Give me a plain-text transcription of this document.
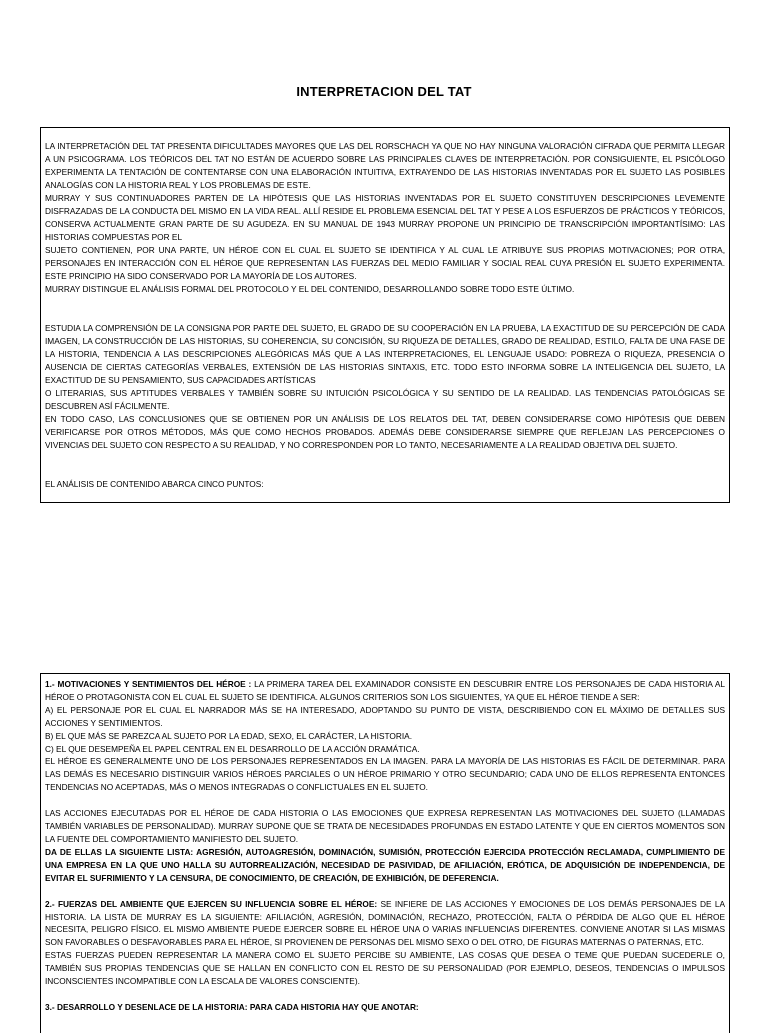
INTERPRETACION DEL TAT

LA INTERPRETACIÓN DEL TAT PRESENTA DIFICULTADES MAYORES QUE LAS DEL RORSCHACH YA QUE NO HAY NINGUNA VALORACIÓN CIFRADA QUE PERMITA LLEGAR A UN PSICOGRAMA. LOS TEÓRICOS DEL TAT NO ESTÁN DE ACUERDO SOBRE LAS PRINCIPALES CLAVES DE INTERPRETACIÓN. POR CONSIGUIENTE, EL PSICÓLOGO EXPERIMENTA LA TENTACIÓN DE CONTENTARSE CON UNA ELABORACIÓN INTUITIVA, EXTRAYENDO DE LAS HISTORIAS INVENTADAS POR EL SUJETO LAS POSIBLES ANALOGÍAS CON LA HISTORIA REAL Y LOS PROBLEMAS DE ESTE.

MURRAY Y SUS CONTINUADORES PARTEN DE LA HIPÓTESIS QUE LAS HISTORIAS INVENTADAS POR EL SUJETO CONSTITUYEN DESCRIPCIONES LEVEMENTE DISFRAZADAS DE LA CONDUCTA DEL MISMO EN LA VIDA REAL. ALLÍ RESIDE EL PROBLEMA ESENCIAL DEL TAT Y PESE A LOS ESFUERZOS DE PRÁCTICOS Y TEÓRICOS, CONSERVA ACTUALMENTE GRAN PARTE DE SU AGUDEZA. EN SU MANUAL DE 1943 MURRAY PROPONE UN PRINCIPIO DE TRANSCRIPCIÓN IMPORTANTÍSIMO: LAS HISTORIAS COMPUESTAS POR EL

SUJETO CONTIENEN, POR UNA PARTE, UN HÉROE CON EL CUAL EL SUJETO SE IDENTIFICA Y AL CUAL LE ATRIBUYE SUS PROPIAS MOTIVACIONES; POR OTRA, PERSONAJES EN INTERACCIÓN CON EL HÉROE QUE REPRESENTAN LAS FUERZAS DEL MEDIO FAMILIAR Y SOCIAL REAL CUYA PRESIÓN EL SUJETO EXPERIMENTA. ESTE PRINCIPIO HA SIDO CONSERVADO POR LA MAYORÍA DE LOS AUTORES.

MURRAY DISTINGUE EL ANÁLISIS FORMAL DEL PROTOCOLO Y EL DEL CONTENIDO, DESARROLLANDO SOBRE TODO ESTE ÚLTIMO.

ESTUDIA LA COMPRENSIÓN DE LA CONSIGNA POR PARTE DEL SUJETO, EL GRADO DE SU COOPERACIÓN EN LA PRUEBA, LA EXACTITUD DE SU PERCEPCIÓN DE CADA IMAGEN, LA CONSTRUCCIÓN DE LAS HISTORIAS, SU COHERENCIA, SU CONCISIÓN, SU RIQUEZA DE DETALLES, GRADO DE REALIDAD, ESTILO, FALTA DE UNA FASE DE LA HISTORIA, TENDENCIA A LAS DESCRIPCIONES ALEGÓRICAS MÁS QUE A LAS INTERPRETACIONES, EL LENGUAJE USADO: POBREZA O RIQUEZA, PRESENCIA O AUSENCIA DE CIERTAS CATEGORÍAS VERBALES, EXTENSIÓN DE LAS HISTORIAS SINTAXIS, ETC. TODO ESTO INFORMA SOBRE LA INTELIGENCIA DEL SUJETO, LA EXACTITUD DE SU PENSAMIENTO, SUS CAPACIDADES ARTÍSTICAS

O LITERARIAS, SUS APTITUDES VERBALES Y TAMBIÉN SOBRE SU INTUICIÓN PSICOLÓGICA Y SU SENTIDO DE LA REALIDAD. LAS TENDENCIAS PATOLÓGICAS SE DESCUBREN ASÍ FÁCILMENTE.

EN TODO CASO, LAS CONCLUSIONES QUE SE OBTIENEN POR UN ANÁLISIS DE LOS RELATOS DEL TAT, DEBEN CONSIDERARSE COMO HIPÓTESIS QUE DEBEN VERIFICARSE POR OTROS MÉTODOS, MÁS QUE COMO HECHOS PROBADOS. ADEMÁS DEBE CONSIDERARSE SIEMPRE QUE REFLEJAN LAS PERCEPCIONES O VIVENCIAS DEL SUJETO CON RESPECTO A SU REALIDAD, Y NO CORRESPONDEN POR LO TANTO, NECESARIAMENTE A LA REALIDAD OBJETIVA DEL SUJETO.

EL ANÁLISIS DE CONTENIDO ABARCA CINCO PUNTOS:

1.- MOTIVACIONES Y SENTIMIENTOS DEL HÉROE : LA PRIMERA TAREA DEL EXAMINADOR CONSISTE EN DESCUBRIR ENTRE LOS PERSONAJES DE CADA HISTORIA AL HÉROE O PROTAGONISTA CON EL CUAL EL SUJETO SE IDENTIFICA. ALGUNOS CRITERIOS SON LOS SIGUIENTES, YA QUE EL HÉROE TIENDE A SER:

A) EL PERSONAJE POR EL CUAL EL NARRADOR MÁS SE HA INTERESADO, ADOPTANDO SU PUNTO DE VISTA, DESCRIBIENDO CON EL MÁXIMO DE DETALLES SUS ACCIONES Y SENTIMIENTOS.

B) EL QUE MÁS SE PAREZCA AL SUJETO POR LA EDAD, SEXO, EL CARÁCTER, LA HISTORIA.

C) EL QUE DESEMPEÑA EL PAPEL CENTRAL EN EL DESARROLLO DE LA ACCIÓN DRAMÁTICA.

EL HÉROE ES GENERALMENTE UNO DE LOS PERSONAJES REPRESENTADOS EN LA IMAGEN. PARA LA MAYORÍA DE LAS HISTORIAS ES FÁCIL DE DETERMINAR. PARA LAS DEMÁS ES NECESARIO DISTINGUIR VARIOS HÉROES PARCIALES O UN HÉROE PRIMARIO Y OTRO SECUNDARIO; CADA UNO DE ELLOS REPRESENTA ENTONCES TENDENCIAS NO ACEPTADAS, MÁS O MENOS INTEGRADAS O CONFLICTUALES EN EL SUJETO.

LAS ACCIONES EJECUTADAS POR EL HÉROE DE CADA HISTORIA O LAS EMOCIONES QUE EXPRESA REPRESENTAN LAS MOTIVACIONES DEL SUJETO (LLAMADAS TAMBIÉN VARIABLES DE PERSONALIDAD). MURRAY SUPONE QUE SE TRATA DE NECESIDADES PROFUNDAS EN ESTADO LATENTE Y QUE EN CIERTOS MOMENTOS SON LA FUENTE DEL COMPORTAMIENTO MANIFIESTO DEL SUJETO.

DA DE ELLAS LA SIGUIENTE LISTA: AGRESIÓN, AUTOAGRESIÓN, DOMINACIÓN, SUMISIÓN, PROTECCIÓN EJERCIDA PROTECCIÓN RECLAMADA, CUMPLIMIENTO DE UNA EMPRESA EN LA QUE UNO HALLA SU AUTORREALIZACIÓN, NECESIDAD DE PASIVIDAD, DE AFILIACIÓN, ERÓTICA, DE ADQUISICIÓN DE INDEPENDENCIA, DE EVITAR EL SUFRIMIENTO Y LA CENSURA, DE CONOCIMIENTO, DE CREACIÓN, DE EXHIBICIÓN, DE DEFERENCIA.

2.- FUERZAS DEL AMBIENTE QUE EJERCEN SU INFLUENCIA SOBRE EL HÉROE: SE INFIERE DE LAS ACCIONES Y EMOCIONES DE LOS DEMÁS PERSONAJES DE LA HISTORIA. LA LISTA DE MURRAY ES LA SIGUIENTE: AFILIACIÓN, AGRESIÓN, DOMINACIÓN, RECHAZO, PROTECCIÓN, FALTA O PÉRDIDA DE ALGO QUE EL HÉROE NECESITA, PELIGRO FÍSICO. EL MISMO AMBIENTE PUEDE EJERCER SOBRE EL HÉROE UNA O VARIAS INFLUENCIAS DIFERENTES. CONVIENE ANOTAR SI LAS MISMAS SON FAVORABLES O DESFAVORABLES PARA EL HÉROE, SI PROVIENEN DE PERSONAS DEL MISMO SEXO O DEL OTRO, DE FIGURAS MATERNAS O PATERNAS, ETC.

ESTAS FUERZAS PUEDEN REPRESENTAR LA MANERA COMO EL SUJETO PERCIBE SU AMBIENTE, LAS COSAS QUE DESEA O TEME QUE PUEDAN SUCEDERLE O, TAMBIÉN SUS PROPIAS TENDENCIAS QUE SE HALLAN EN CONFLICTO CON EL RESTO DE SU PERSONALIDAD (POR EJEMPLO, DESEOS, TENDENCIAS O IMPULSOS INCONSCIENTES INCOMPATIBLE CON LA ESCALA DE VALORES CONSCIENTE).

3.- DESARROLLO Y DESENLACE DE LA HISTORIA: PARA CADA HISTORIA HAY QUE ANOTAR:
